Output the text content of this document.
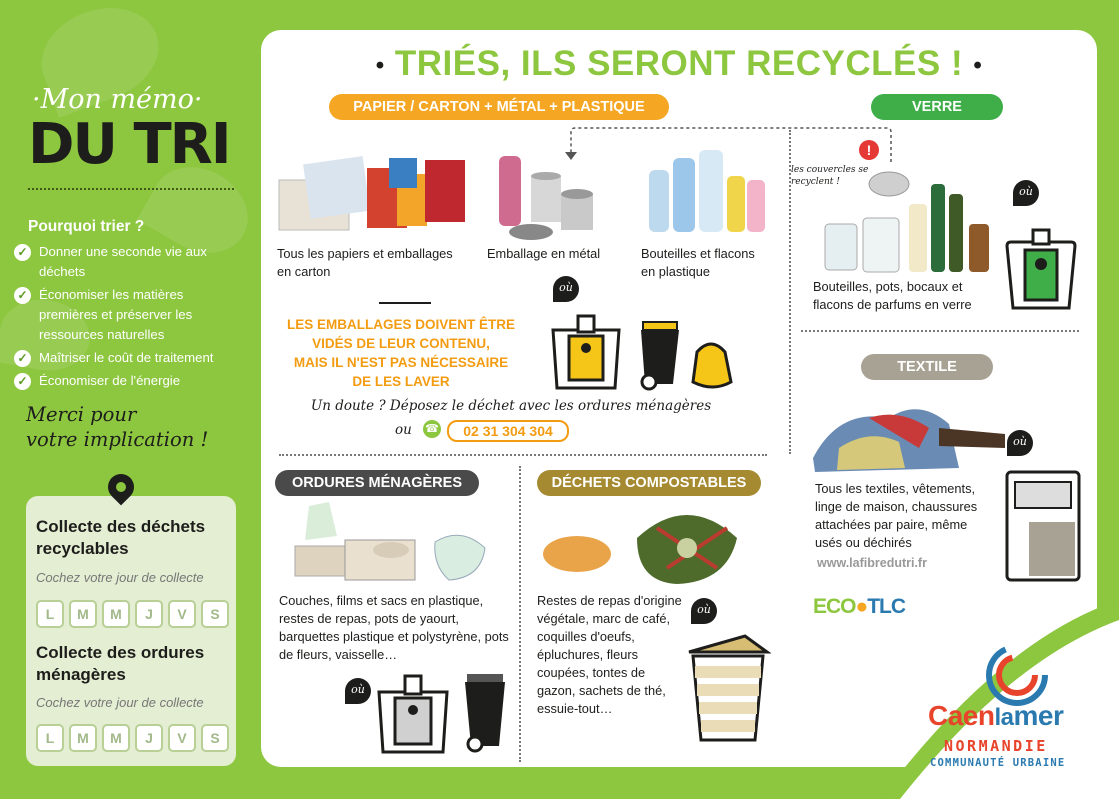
·Mon mémo·
DU TRI
Pourquoi trier ?
✓ Donner une seconde vie aux déchets
✓ Économiser les matières premières et préserver les ressources naturelles
✓ Maîtriser le coût de traitement
✓ Économiser de l'énergie
Merci pour
votre implication !
Collecte des déchets recyclables
Cochez votre jour de collecte
L	M	M	J	V	S
Collecte des ordures ménagères
Cochez votre jour de collecte
L	M	M	J	V	S
• TRIÉS, ILS SERONT RECYCLÉS ! •
PAPIER / CARTON + MÉTAL + PLASTIQUE	VERRE
Tous les papiers et emballages en carton
Emballage en métal	Bouteilles et flacons en plastique
les couvercles se recyclent !
!
Bouteilles, pots, bocaux et flacons de parfums en verre
où
LES EMBALLAGES DOIVENT ÊTRE
VIDÉS DE LEUR CONTENU,
MAIS IL N'EST PAS NÉCESSAIRE
DE LES LAVER
où
Un doute ? Déposez le déchet avec les ordures ménagères
ou ☎	02 31 304 304
ORDURES MÉNAGÈRES
Couches, films et sacs en plastique, restes de repas, pots de yaourt, barquettes plastique et polystyrène, pots de fleurs, vaisselle…
où
DÉCHETS COMPOSTABLES
Restes de repas d'origine végétale, marc de café, coquilles d'oeufs, épluchures, fleurs coupées, tontes de gazon, sachets de thé, essuie-tout…
où
TEXTILE
où
Tous les textiles, vêtements, linge de maison, chaussures attachées par paire, même usés ou déchirés
www.lafibredutri.fr
ECO●TLC
Caenlamer
NORMANDIE
COMMUNAUTÉ URBAINE
